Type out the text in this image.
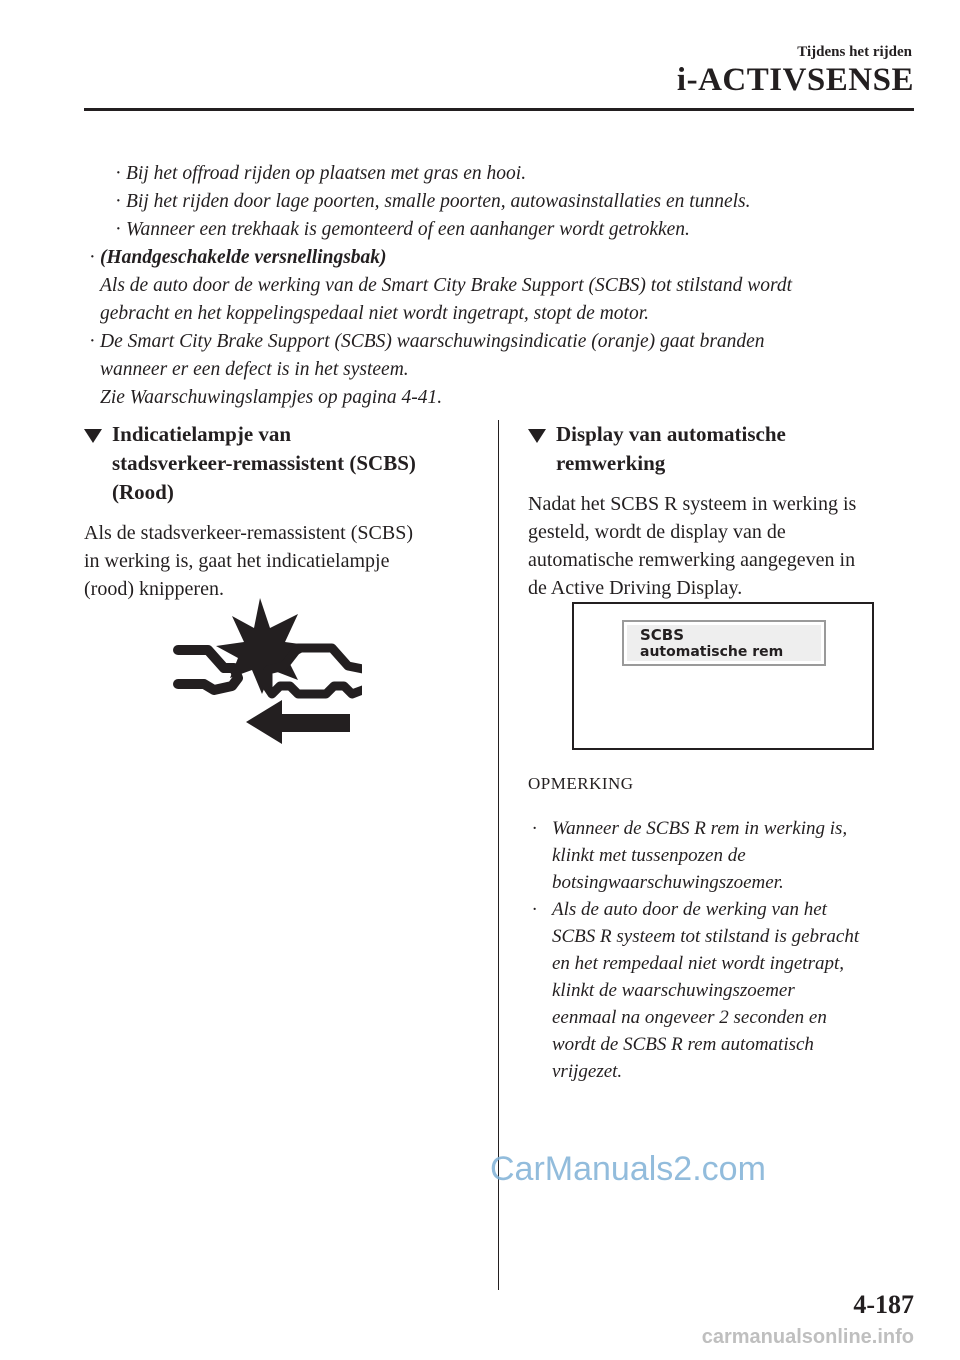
Tijdens het rijden
i-ACTIVSENSE
· Bij het offroad rijden op plaatsen met gras en hooi.
· Bij het rijden door lage poorten, smalle poorten, autowasinstallaties en tunnels.
· Wanneer een trekhaak is gemonteerd of een aanhanger wordt getrokken.
· (Handgeschakelde versnellingsbak)
Als de auto door de werking van de Smart City Brake Support (SCBS) tot stilstand wordt
gebracht en het koppelingspedaal niet wordt ingetrapt, stopt de motor.
· De Smart City Brake Support (SCBS) waarschuwingsindicatie (oranje) gaat branden
wanneer er een defect is in het systeem.
Zie Waarschuwingslampjes op pagina 4-41.
Indicatielampje van
stadsverkeer-remassistent (SCBS)
(Rood)
Als de stadsverkeer-remassistent (SCBS)
in werking is, gaat het indicatielampje
(rood) knipperen.
Display van automatische
remwerking
Nadat het SCBS R systeem in werking is
gesteld, wordt de display van de
automatische remwerking aangegeven in
de Active Driving Display.
SCBS
automatische rem
OPMERKING
· Wanneer de SCBS R rem in werking is,
klinkt met tussenpozen de
botsingwaarschuwingszoemer.
· Als de auto door de werking van het
SCBS R systeem tot stilstand is gebracht
en het rempedaal niet wordt ingetrapt,
klinkt de waarschuwingszoemer
eenmaal na ongeveer 2 seconden en
wordt de SCBS R rem automatisch
vrijgezet.
CarManuals2.com
4-187
carmanualsonline.info
